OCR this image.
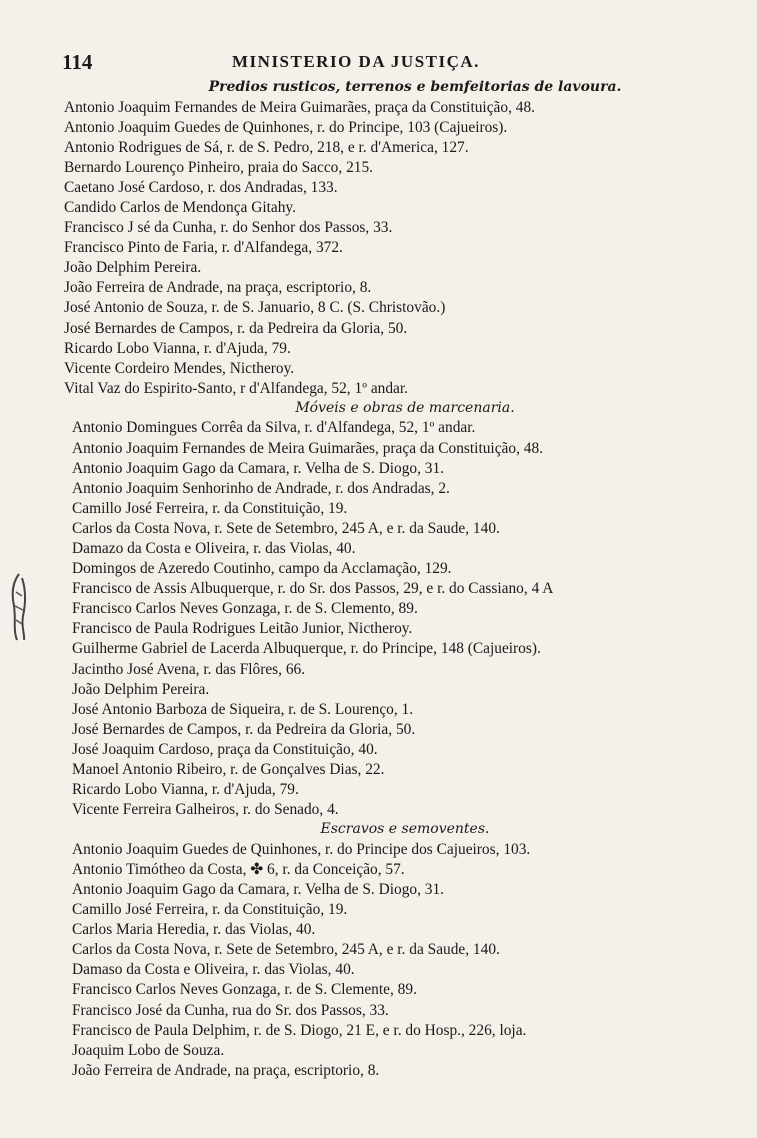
114	MINISTERIO DA JUSTIÇA.
Predios rusticos, terrenos e bemfeitorias de lavoura.
Antonio Joaquim Fernandes de Meira Guimarães, praça da Constituição, 48.
Antonio Joaquim Guedes de Quinhones, r. do Principe, 103 (Cajueiros).
Antonio Rodrigues de Sá, r. de S. Pedro, 218, e r. d'America, 127.
Bernardo Lourenço Pinheiro, praia do Sacco, 215.
Caetano José Cardoso, r. dos Andradas, 133.
Candido Carlos de Mendonça Gitahy.
Francisco J sé da Cunha, r. do Senhor dos Passos, 33.
Francisco Pinto de Faria, r. d'Alfandega, 372.
João Delphim Pereira.
João Ferreira de Andrade, na praça, escriptorio, 8.
José Antonio de Souza, r. de S. Januario, 8 C. (S. Christovão.)
José Bernardes de Campos, r. da Pedreira da Gloria, 50.
Ricardo Lobo Vianna, r. d'Ajuda, 79.
Vicente Cordeiro Mendes, Nictheroy.
Vital Vaz do Espirito-Santo, r d'Alfandega, 52, 1º andar.
Móveis e obras de marcenaria.
Antonio Domingues Corrêa da Silva, r. d'Alfandega, 52, 1º andar.
Antonio Joaquim Fernandes de Meira Guimarães, praça da Constituição, 48.
Antonio Joaquim Gago da Camara, r. Velha de S. Diogo, 31.
Antonio Joaquim Senhorinho de Andrade, r. dos Andradas, 2.
Camillo José Ferreira, r. da Constituição, 19.
Carlos da Costa Nova, r. Sete de Setembro, 245 A, e r. da Saude, 140.
Damazo da Costa e Oliveira, r. das Violas, 40.
Domingos de Azeredo Coutinho, campo da Acclamação, 129.
Francisco de Assis Albuquerque, r. do Sr. dos Passos, 29, e r. do Cassiano, 4 A
Francisco Carlos Neves Gonzaga, r. de S. Clemento, 89.
Francisco de Paula Rodrigues Leitão Junior, Nictheroy.
Guilherme Gabriel de Lacerda Albuquerque, r. do Principe, 148 (Cajueiros).
Jacintho José Avena, r. das Flôres, 66.
João Delphim Pereira.
José Antonio Barboza de Siqueira, r. de S. Lourenço, 1.
José Bernardes de Campos, r. da Pedreira da Gloria, 50.
José Joaquim Cardoso, praça da Constituição, 40.
Manoel Antonio Ribeiro, r. de Gonçalves Dias, 22.
Ricardo Lobo Vianna, r. d'Ajuda, 79.
Vicente Ferreira Galheiros, r. do Senado, 4.
Escravos e semoventes.
Antonio Joaquim Guedes de Quinhones, r. do Principe dos Cajueiros, 103.
Antonio Timótheo da Costa, ✤ 6, r. da Conceição, 57.
Antonio Joaquim Gago da Camara, r. Velha de S. Diogo, 31.
Camillo José Ferreira, r. da Constituição, 19.
Carlos Maria Heredia, r. das Violas, 40.
Carlos da Costa Nova, r. Sete de Setembro, 245 A, e r. da Saude, 140.
Damaso da Costa e Oliveira, r. das Violas, 40.
Francisco Carlos Neves Gonzaga, r. de S. Clemente, 89.
Francisco José da Cunha, rua do Sr. dos Passos, 33.
Francisco de Paula Delphim, r. de S. Diogo, 21 E, e r. do Hosp., 226, loja.
Joaquim Lobo de Souza.
João Ferreira de Andrade, na praça, escriptorio, 8.
